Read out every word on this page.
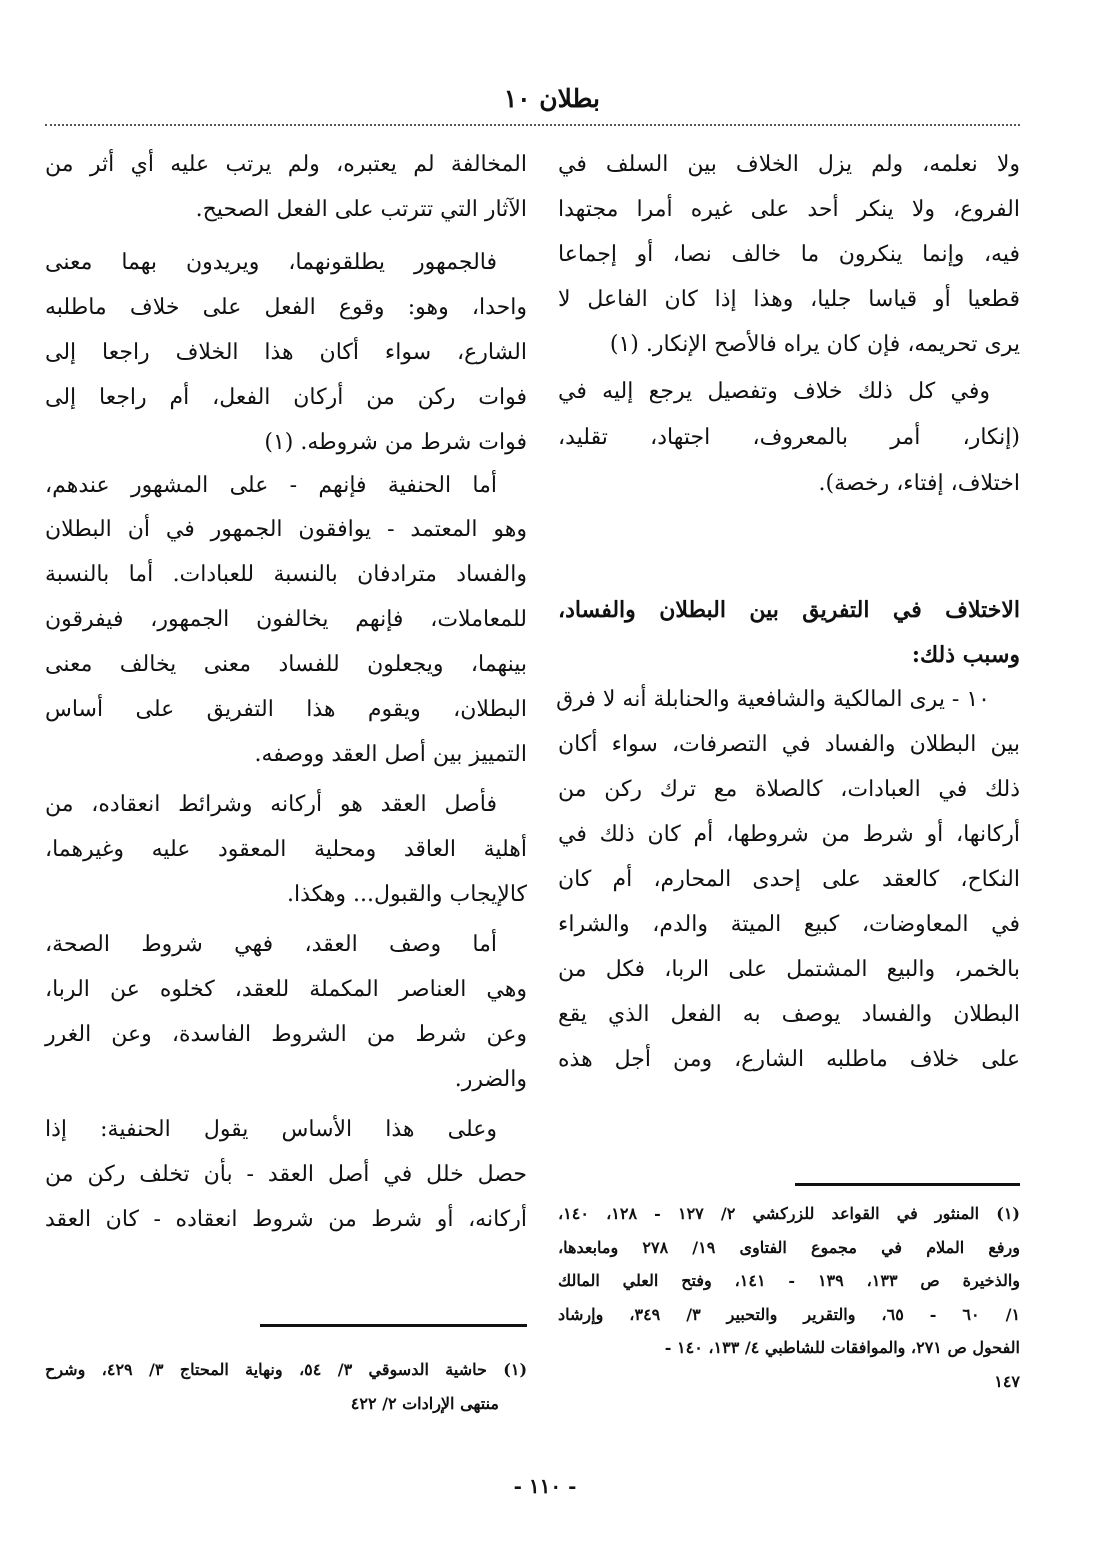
بطلان ١٠
ولا نعلمه، ولم يزل الخلاف بين السلف في
الفروع، ولا ينكر أحد على غيره أمرا مجتهدا
فيه، وإنما ينكرون ما خالف نصا، أو إجماعا
قطعيا أو قياسا جليا، وهذا إذا كان الفاعل لا
يرى تحريمه، فإن كان يراه فالأصح الإنكار. (١)
وفي كل ذلك خلاف وتفصيل يرجع إليه في
(إنكار، أمر بالمعروف، اجتهاد، تقليد،
اختلاف، إفتاء، رخصة).
الاختلاف في التفريق بين البطلان والفساد،
وسبب ذلك:
١٠ - يرى المالكية والشافعية والحنابلة أنه لا فرق
بين البطلان والفساد في التصرفات، سواء أكان
ذلك في العبادات، كالصلاة مع ترك ركن من
أركانها، أو شرط من شروطها، أم كان ذلك في
النكاح، كالعقد على إحدى المحارم، أم كان
في المعاوضات، كبيع الميتة والدم، والشراء
بالخمر، والبيع المشتمل على الربا، فكل من
البطلان والفساد يوصف به الفعل الذي يقع
على خلاف ماطلبه الشارع، ومن أجل هذه
(١) المنثور في القواعد للزركشي ٢/ ١٢٧ - ١٢٨، ١٤٠،
ورفع الملام في مجموع الفتاوى ١٩/ ٢٧٨ ومابعدها،
والذخيرة ص ١٣٣، ١٣٩ - ١٤١، وفتح العلي المالك
١/ ٦٠ - ٦٥، والتقرير والتحبير ٣/ ٣٤٩، وإرشاد
الفحول ص ٢٧١، والموافقات للشاطبي ٤/ ١٣٣، ١٤٠ -
١٤٧
المخالفة لم يعتبره، ولم يرتب عليه أي أثر من
الآثار التي تترتب على الفعل الصحيح.
فالجمهور يطلقونهما، ويريدون بهما معنى
واحدا، وهو: وقوع الفعل على خلاف ماطلبه
الشارع، سواء أكان هذا الخلاف راجعا إلى
فوات ركن من أركان الفعل، أم راجعا إلى
فوات شرط من شروطه. (١)
أما الحنفية فإنهم - على المشهور عندهم،
وهو المعتمد - يوافقون الجمهور في أن البطلان
والفساد مترادفان بالنسبة للعبادات. أما بالنسبة
للمعاملات، فإنهم يخالفون الجمهور، فيفرقون
بينهما، ويجعلون للفساد معنى يخالف معنى
البطلان، ويقوم هذا التفريق على أساس
التمييز بين أصل العقد ووصفه.
فأصل العقد هو أركانه وشرائط انعقاده، من
أهلية العاقد ومحلية المعقود عليه وغيرهما،
كالإيجاب والقبول... وهكذا.
أما وصف العقد، فهي شروط الصحة،
وهي العناصر المكملة للعقد، كخلوه عن الربا،
وعن شرط من الشروط الفاسدة، وعن الغرر
والضرر.
وعلى هذا الأساس يقول الحنفية: إذا
حصل خلل في أصل العقد - بأن تخلف ركن من
أركانه، أو شرط من شروط انعقاده - كان العقد
(١) حاشية الدسوقي ٣/ ٥٤، ونهاية المحتاج ٣/ ٤٢٩، وشرح
منتهى الإرادات ٢/ ٤٢٢
- ١١٠ -
